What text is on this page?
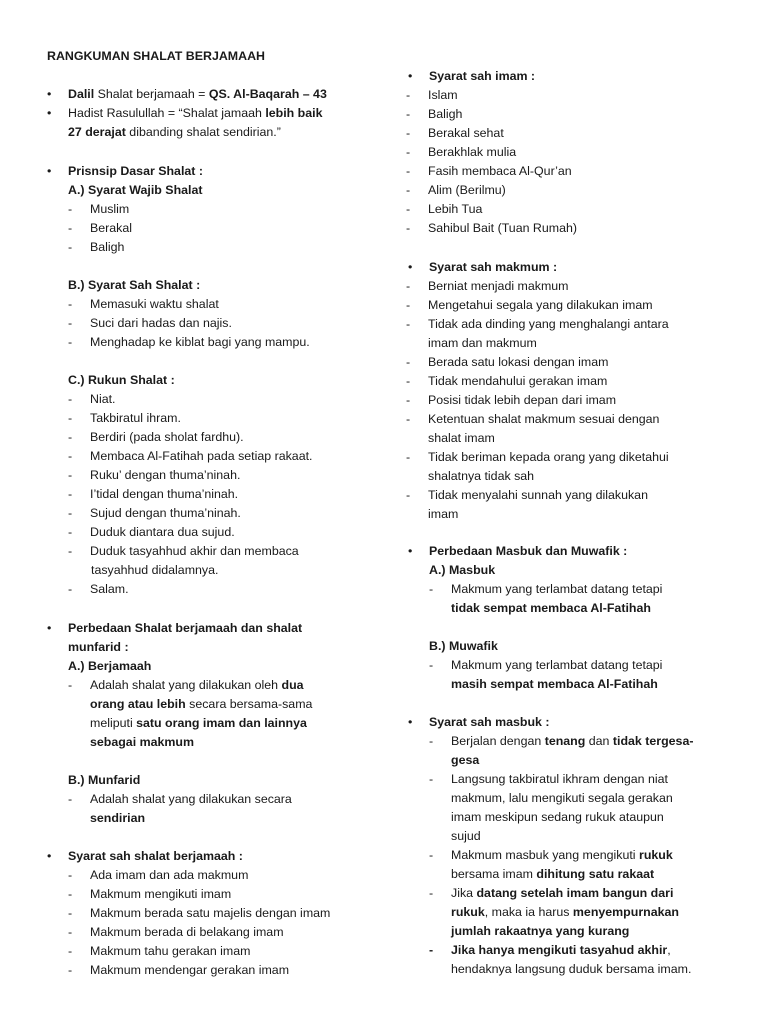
RANGKUMAN SHALAT BERJAMAAH
• Dalil Shalat berjamaah = QS. Al-Baqarah – 43
• Hadist Rasulullah = “Shalat jamaah lebih baik
27 derajat dibanding shalat sendirian.”
• Prisnsip Dasar Shalat :
A.) Syarat Wajib Shalat
- Muslim
- Berakal
- Baligh
B.) Syarat Sah Shalat :
- Memasuki waktu shalat
- Suci dari hadas dan najis.
- Menghadap ke kiblat bagi yang mampu.
C.) Rukun Shalat :
- Niat.
- Takbiratul ihram.
- Berdiri (pada sholat fardhu).
- Membaca Al-Fatihah pada setiap rakaat.
- Ruku’ dengan thuma’ninah.
- I’tidal dengan thuma’ninah.
- Sujud dengan thuma’ninah.
- Duduk diantara dua sujud.
- Duduk tasyahhud akhir dan membaca
- Salam.
tasyahhud didalamnya.
• Perbedaan Shalat berjamaah dan shalat
munfarid :
A.) Berjamaah
- Adalah shalat yang dilakukan oleh dua
orang atau lebih secara bersama-sama
meliputi satu orang imam dan lainnya
sebagai makmum
B.) Munfarid
- Adalah shalat yang dilakukan secara
sendirian
• Syarat sah shalat berjamaah :
- Ada imam dan ada makmum
- Makmum mengikuti imam
- Makmum berada satu majelis dengan imam
- Makmum berada di belakang imam
- Makmum tahu gerakan imam
- Makmum mendengar gerakan imam
• Syarat sah imam :
- Islam
- Baligh
- Berakal sehat
- Berakhlak mulia
- Fasih membaca Al-Qur’an
- Alim (Berilmu)
- Lebih Tua
- Sahibul Bait (Tuan Rumah)
• Syarat sah makmum :
- Berniat menjadi makmum
- Mengetahui segala yang dilakukan imam
- Tidak ada dinding yang menghalangi antara
- Berada satu lokasi dengan imam
- Tidak mendahului gerakan imam
- Posisi tidak lebih depan dari imam
- Ketentuan shalat makmum sesuai dengan
- Tidak beriman kepada orang yang diketahui
- Tidak menyalahi sunnah yang dilakukan
imam dan makmum
shalat imam
shalatnya tidak sah
imam
• Perbedaan Masbuk dan Muwafik :
A.) Masbuk
- Makmum yang terlambat datang tetapi
tidak sempat membaca Al-Fatihah
B.) Muwafik
- Makmum yang terlambat datang tetapi
masih sempat membaca Al-Fatihah
• Syarat sah masbuk :
- Berjalan dengan tenang dan tidak tergesa-
gesa
- Langsung takbiratul ikhram dengan niat
makmum, lalu mengikuti segala gerakan
imam meskipun sedang rukuk ataupun
sujud
- Makmum masbuk yang mengikuti rukuk
bersama imam dihitung satu rakaat
- Jika datang setelah imam bangun dari
rukuk, maka ia harus menyempurnakan
jumlah rakaatnya yang kurang
- Jika hanya mengikuti tasyahud akhir,
hendaknya langsung duduk bersama imam.
